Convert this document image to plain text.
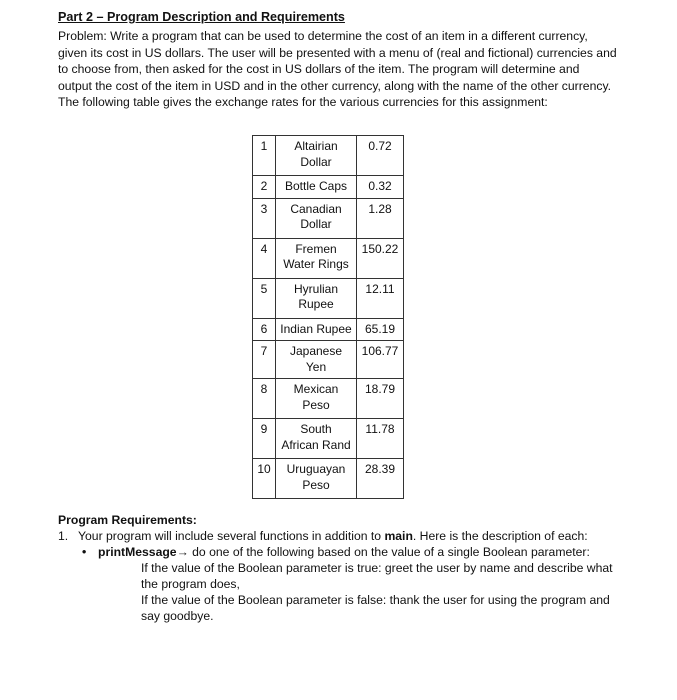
Part 2 – Program Description and Requirements

Problem: Write a program that can be used to determine the cost of an item in a different currency,

given its cost in US dollars. The user will be presented with a menu of (real and fictional) currencies and

to choose from, then asked for the cost in US dollars of the item. The program will determine and

output the cost of the item in USD and in the other currency, along with the name of the other currency.

The following table gives the exchange rates for the various currencies for this assignment:

1	Altairian
Dollar	0.72
2	Bottle Caps	0.32
3	Canadian
Dollar	1.28
4	Fremen
Water Rings	150.22
5	Hyrulian
Rupee	12.11
6	Indian Rupee	65.19
7	Japanese Yen	106.77
8	Mexican
Peso	18.79
9	South
African Rand	11.78
10	Uruguayan
Peso	28.39
Program Requirements:
1. Your program will include several functions in addition to main. Here is the description of each:
• printMessage→ do one of the following based on the value of a single Boolean parameter:
If the value of the Boolean parameter is true: greet the user by name and describe what
the program does,
If the value of the Boolean parameter is false: thank the user for using the program and
say goodbye.
